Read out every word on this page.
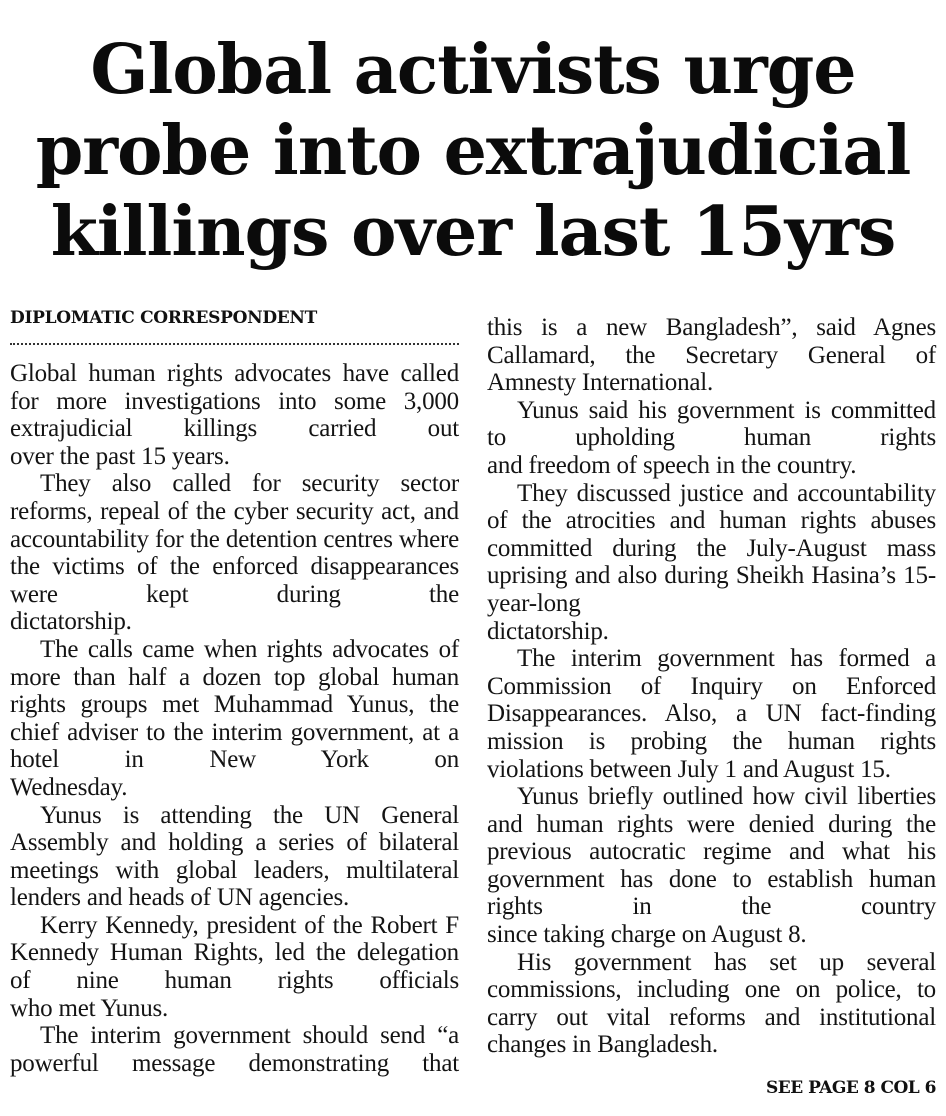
Global activists urge
probe into extrajudicial
killings over last 15yrs
DIPLOMATIC CORRESPONDENT

Global human rights advocates have called for more investigations into some 3,000 extrajudicial killings carried out

over the past 15 years.

They also called for security sector reforms, repeal of the cyber security act, and accountability for the detention centres where the victims of the enforced disappearances were kept during the

dictatorship.

The calls came when rights advocates of more than half a dozen top global human rights groups met Muhammad Yunus, the chief adviser to the interim government, at a hotel in New York on

Wednesday.

Yunus is attending the UN General Assembly and holding a series of bilateral meetings with global leaders, multilateral

lenders and heads of UN agencies.

Kerry Kennedy, president of the Robert F Kennedy Human Rights, led the delegation of nine human rights officials

who met Yunus.

The interim government should send “a powerful message demonstrating that

this is a new Bangladesh”, said Agnes Callamard, the Secretary General of

Amnesty International.

Yunus said his government is committed to upholding human rights

and freedom of speech in the country.

They discussed justice and accountability of the atrocities and human rights abuses committed during the July-August mass uprising and also during Sheikh Hasina’s 15-year-long

dictatorship.

The interim government has formed a Commission of Inquiry on Enforced Disappearances. Also, a UN fact-finding mission is probing the human rights

violations between July 1 and August 15.

Yunus briefly outlined how civil liberties and human rights were denied during the previous autocratic regime and what his government has done to establish human rights in the country

since taking charge on August 8.

His government has set up several commissions, including one on police, to carry out vital reforms and institutional

changes in Bangladesh.

SEE PAGE 8 COL 6
